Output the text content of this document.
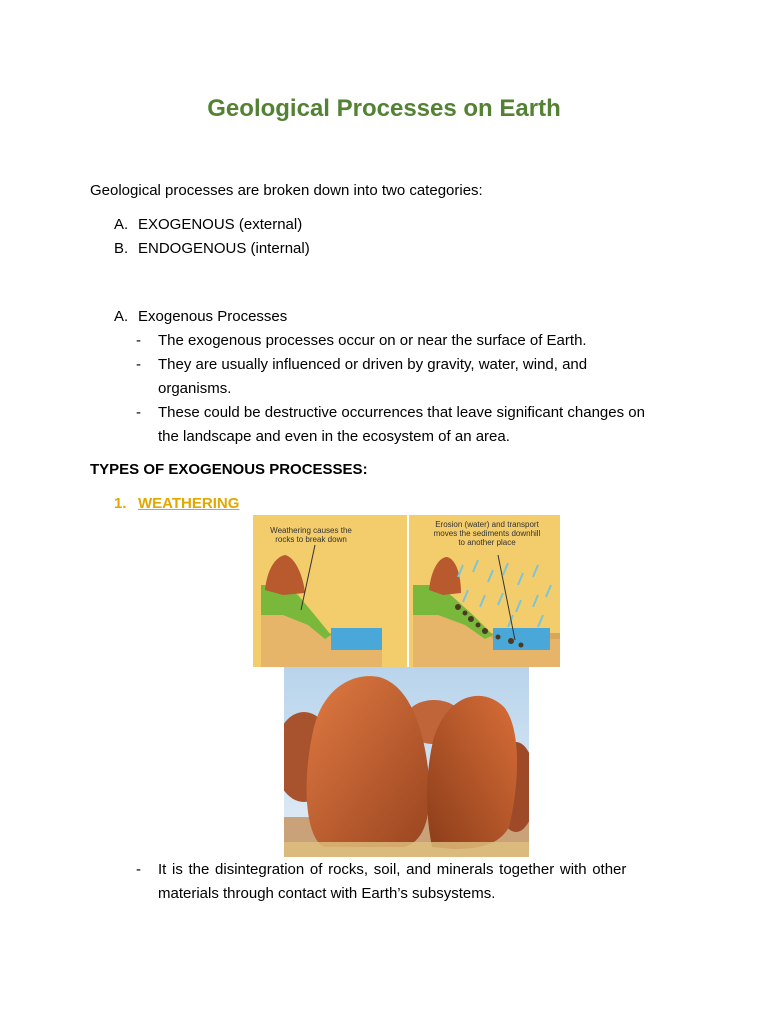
Geological Processes on Earth
Geological processes are broken down into two categories:
A. EXOGENOUS (external)
B. ENDOGENOUS (internal)
A. Exogenous Processes
-	The exogenous processes occur on or near the surface of Earth.
-	They are usually influenced or driven by gravity, water, wind, and
organisms.
-	These could be destructive occurrences that leave significant changes on
the landscape and even in the ecosystem of an area.
TYPES OF EXOGENOUS PROCESSES:
1. WEATHERING
Weathering causes the
rocks to break down
Erosion (water) and transport
moves the sediments downhill
to another place
-	It is the disintegration of rocks, soil, and minerals together with other
materials through contact with Earth’s subsystems.
